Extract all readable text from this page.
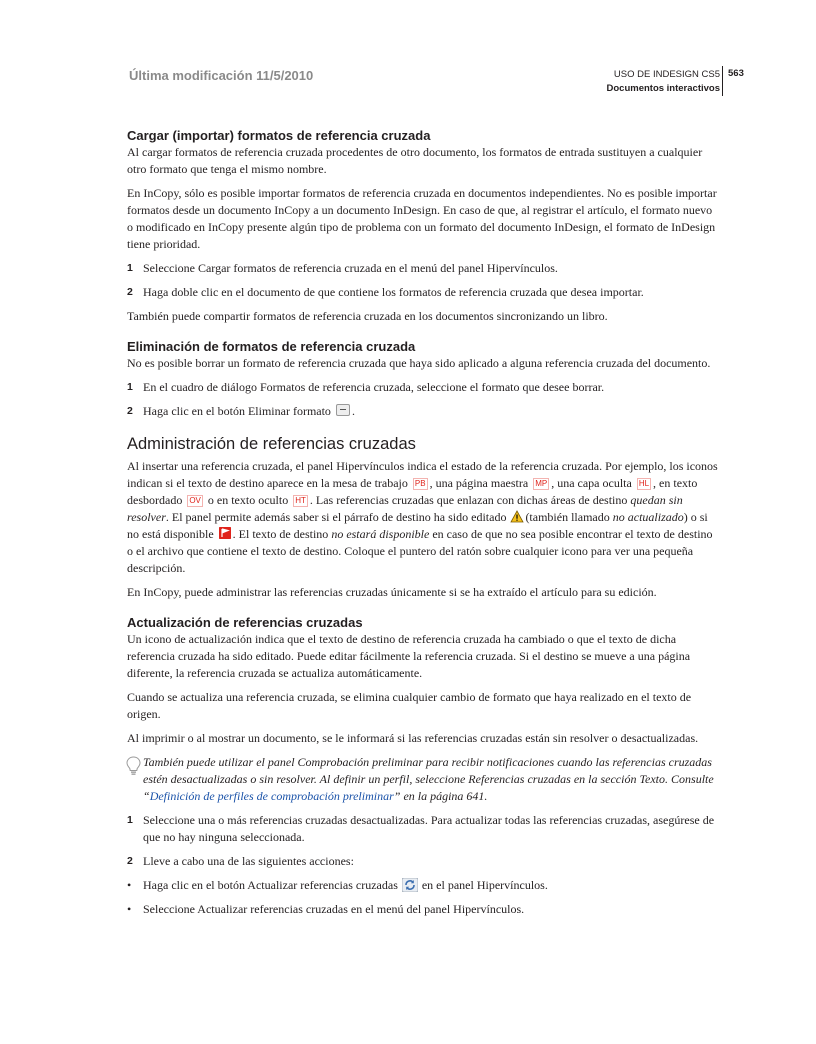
Última modificación 11/5/2010	USO DE INDESIGN CS5
Documentos interactivos
563
Cargar (importar) formatos de referencia cruzada

Al cargar formatos de referencia cruzada procedentes de otro documento, los formatos de entrada sustituyen a cualquier otro formato que tenga el mismo nombre.

En InCopy, sólo es posible importar formatos de referencia cruzada en documentos independientes. No es posible importar formatos desde un documento InCopy a un documento InDesign. En caso de que, al registrar el artículo, el formato nuevo o modificado en InCopy presente algún tipo de problema con un formato del documento InDesign, el formato de InDesign tiene prioridad.

1 Seleccione Cargar formatos de referencia cruzada en el menú del panel Hipervínculos.
2 Haga doble clic en el documento de que contiene los formatos de referencia cruzada que desea importar.

También puede compartir formatos de referencia cruzada en los documentos sincronizando un libro.

Eliminación de formatos de referencia cruzada

No es posible borrar un formato de referencia cruzada que haya sido aplicado a alguna referencia cruzada del documento.

1 En el cuadro de diálogo Formatos de referencia cruzada, seleccione el formato que desee borrar.
2 Haga clic en el botón Eliminar formato .
Administración de referencias cruzadas

Al insertar una referencia cruzada, el panel Hipervínculos indica el estado de la referencia cruzada. Por ejemplo, los iconos indican si el texto de destino aparece en la mesa de trabajo PB , una página maestra MP , una capa oculta HL , en texto desbordado OV o en texto oculto HT . Las referencias cruzadas que enlazan con dichas áreas de destino quedan sin resolver. El panel permite además saber si el párrafo de destino ha sido editado (también llamado no actualizado) o si no está disponible . El texto de destino no estará disponible en caso de que no sea posible encontrar el texto de destino o el archivo que contiene el texto de destino. Coloque el puntero del ratón sobre cualquier icono para ver una pequeña descripción.

En InCopy, puede administrar las referencias cruzadas únicamente si se ha extraído el artículo para su edición.

Actualización de referencias cruzadas

Un icono de actualización indica que el texto de destino de referencia cruzada ha cambiado o que el texto de dicha referencia cruzada ha sido editado. Puede editar fácilmente la referencia cruzada. Si el destino se mueve a una página diferente, la referencia cruzada se actualiza automáticamente.

Cuando se actualiza una referencia cruzada, se elimina cualquier cambio de formato que haya realizado en el texto de origen.

Al imprimir o al mostrar un documento, se le informará si las referencias cruzadas están sin resolver o desactualizadas.

También puede utilizar el panel Comprobación preliminar para recibir notificaciones cuando las referencias cruzadas estén desactualizadas o sin resolver. Al definir un perfil, seleccione Referencias cruzadas en la sección Texto. Consulte “Definición de perfiles de comprobación preliminar” en la página 641.

1 Seleccione una o más referencias cruzadas desactualizadas. Para actualizar todas las referencias cruzadas, asegúrese de que no hay ninguna seleccionada.
2 Lleve a cabo una de las siguientes acciones:
• Haga clic en el botón Actualizar referencias cruzadas en el panel Hipervínculos.
• Seleccione Actualizar referencias cruzadas en el menú del panel Hipervínculos.
